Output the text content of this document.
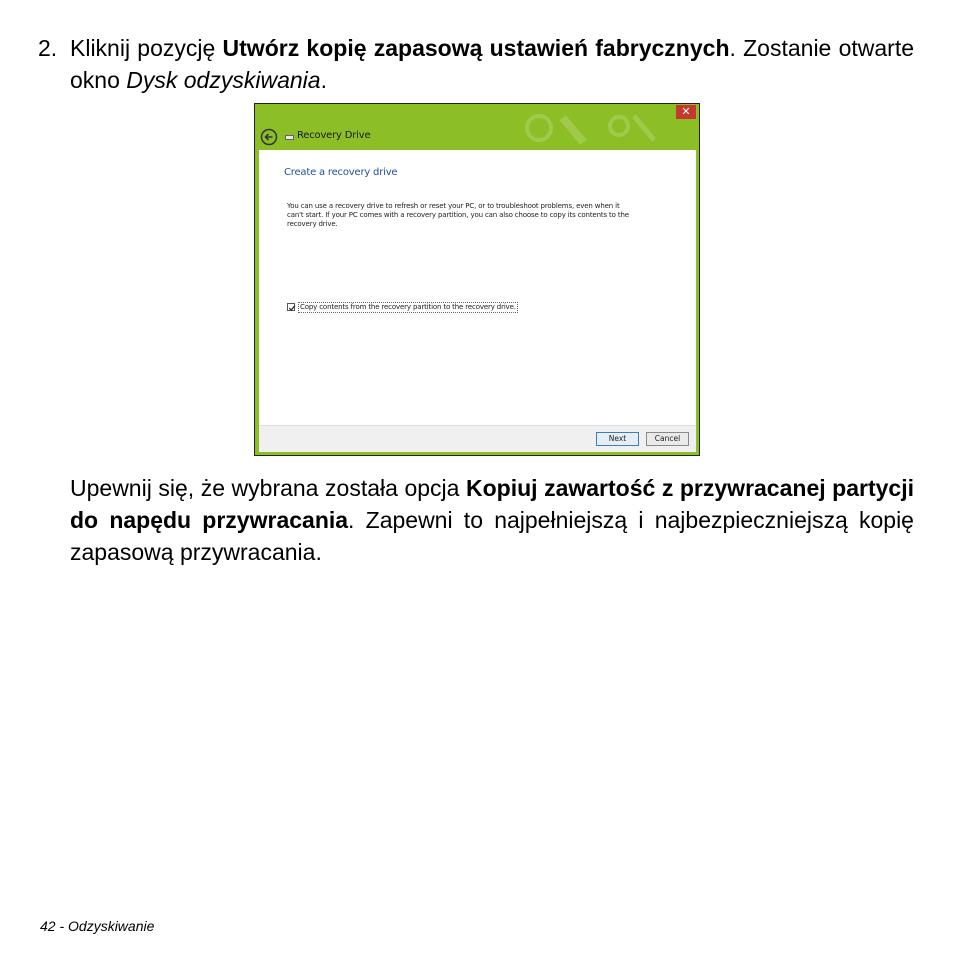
2. Kliknij pozycję Utwórz kopię zapasową ustawień fabrycznych. Zostanie otwarte okno Dysk odzyskiwania.

✕
Recovery Drive
Create a recovery drive
You can use a recovery drive to refresh or reset your PC, or to troubleshoot problems, even when it can't start. If your PC comes with a recovery partition, you can also choose to copy its contents to the recovery drive.
Copy contents from the recovery partition to the recovery drive.
Next	Cancel

Upewnij się, że wybrana została opcja Kopiuj zawartość z przywracanej partycji do napędu przywracania. Zapewni to najpełniejszą i najbezpieczniejszą kopię zapasową przywracania.

42 - Odzyskiwanie
